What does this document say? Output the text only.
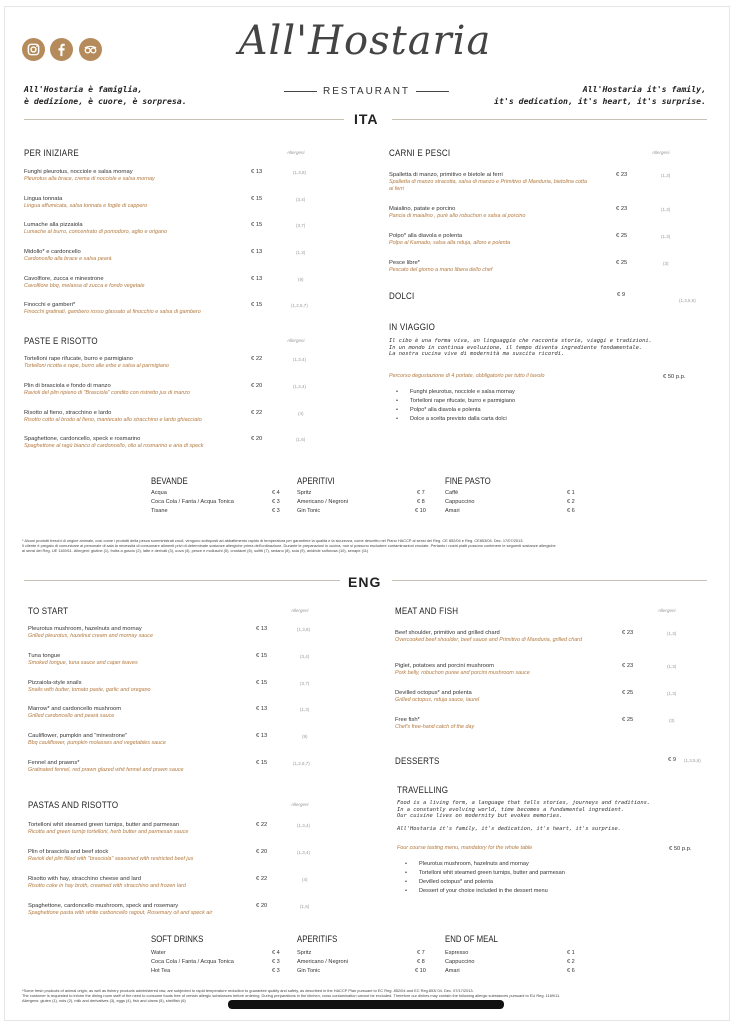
All'Hostaria
RESTAURANT
All'Hostaria è famiglia,
è dedizione, è cuore, è sorpresa.
All'Hostaria it's family,
it's dedication, it's heart, it's surprise.
ITA
PER INIZIARE	Allergeni
Funghi pleurotus, nocciole e salsa mornay
Pleurotus alla brace, crema di nocciole e salsa mornay
€ 13	(1,3,8)
Lingua tonnata
Lingua affumicata, salsa tonnata e foglie di cappero
€ 15	(3,4)
Lumache alla pizzaiola
Lumache al burro, concentrato di pomodoro, aglio e origano
€ 15	(3,7)
Midollo* e cardoncello
Cardoncello alla brace e salsa pearà
€ 13	(1,3)
Cavolfiore, zucca e minestrone
Cavolfiore bbq, melassa di zucca e fondo vegetale
€ 13	(9)
Finocchi e gamberi*
Finocchi gratinati, gambero rosso glassato al finocchio e salsa di gambero
€ 15	(1,2,6,7)
PASTE E RISOTTO	Allergeni
Tortelloni rape rifucate, burro e parmigiano
Tortelloni ricotta e rape, burro alle erbe e salsa al parmigiano
€ 22	(1,3,4)
Plin di brasciola e fondo di manzo
Ravioli del plin ripieno di "Brasciola" condito con ristretto jus di manzo
€ 20	(1,3,4)
Risotto al fieno, stracchino e lardo
Risotto cotto al brodo al fieno, mantecato allo stracchino e lardo ghiacciato
€ 22	(4)
Spaghettone, cardoncello, speck e rosmarino
Spaghettone al ragù bianco di cardoncello, olio al rosmarino e aria di speck
€ 20	(1,6)
CARNI E PESCI	Allergeni
Spalletta di manzo, primitivo e bietole ai ferri
Spalletta di manzo stracotta, salsa di manzo e Primitivo di Manduria, bietolina cotta ai ferri
€ 23	(1,3)
Maialino, patate e porcino
Pancia di maialino , purè allo robuchon e salsa al porcino
€ 23	(1,3)
Polpo* alla diavola e polenta
Polpo al Kamado, salsa alla nduja, alloro e polenta
€ 25	(1,3)
Pesce libre*
Pescato del giorno a mano libera dello chef
€ 25	(3)
DOLCI	€ 9
(1,3,5,6)
IN VIAGGIO
Il cibo è una forma viva, un linguaggio che racconta storie, viaggi e tradizioni.
In un mondo in continua evoluzione, il tempo diventa ingrediente fondamentale.
La nostra cucina vive di modernità ma suscita ricordi.
Percorso degustazione di 4 portate, obbligatorio per tutto il tavolo	€ 50 p.p.
• Funghi pleurotus, nocciole e salsa mornay
• Tortelloni rape rifucate, burro e parmigiano
• Polpo* alla diavola e polenta
• Dolce a scelta previsto dalla carta dolci
BEVANDE
Acqua	€ 4
Coca Cola / Fanta / Acqua Tonica	€ 3
Tisane	€ 3
APERITIVI
Spritz	€ 7
Americano / Negroni	€ 8
Gin Tonic	€ 10
FINE PASTO
Caffè	€ 1
Cappuccino	€ 2
Amari	€ 6
* Alcuni prodotti freschi di origine animale, così come i prodotti della pesca somministrati crudi, vengono sottoposti ad abbattimento rapido di temperatura per garantirne la qualità e la sicurezza, come descritto nel Piano HACCP ai sensi del Reg. CE 852/04 e Reg. CE853/04. Dec. 17/07/2013.
Il cliente è pregato di comunicare al personale di sala la necessità di consumare alimenti privi di determinate sostanze allergiche prima dell'ordinazione. Durante le preparazioni in cucina, non si possono escludere contaminazioni crociate. Pertanto i nostri piatti possono contenere le seguenti sostanze allergiche
ai sensi del Reg. UE 1169/11. Allergeni: glutine (1), frutta a guscio (2), latte e derivati (3), uova (4), pesce e molluschi (5), crostacei (6), solfiti (7), sedano (8), soia (9), anidride solforosa (10), senape (11)
ENG
TO START	Allergeni
Pleurotus mushroom, hazelnuts and mornay
Grilled pleurotus, hazelnut cream and mornay sauce
€ 13	(1,3,8)
Tuna tongue
Smoked tongue, tuna sauce and caper leaves
€ 15	(3,4)
Pizzaiola-style snails
Snails with butter, tomato paste, garlic and oregano
€ 15	(3,7)
Marrow* and cardoncello mushroom
Grilled cardoncello and pearà sauce
€ 13	(1,3)
Cauliflower, pumpkin and "minestrone"
Bbq cauliflower, pumpkin molasses and vegetables sauce
€ 13	(9)
Fennel and prawns*
Gratinated fennel, red prawn glazed whit fennel and prawn sauce
€ 15	(1,2,6,7)
PASTAS AND RISOTTO	Allergeni
Tortelloni whit steamed green turnips, butter and parmesan
Ricotta and green turnip tortelloni, herb butter and parmesan sauce
€ 22	(1,3,4)
Plin of brasciola and beef stock
Ravioli del plin filled with "brasciola" seasoned with restricted beef jus
€ 20	(1,3,4)
Risotto with hay, stracchino cheese and lard
Risotto coke in hay broth, creamed with stracchino and frozen lard
€ 22	(4)
Spaghettone, cardoncello mushroom, speck and rosemary
Spaghettone pasta with white carboncello ragout, Rosemary oil and speck air
€ 20	(1,6)
MEAT AND FISH	Allergeni
Beef shoulder, primitivo and grilled chard
Overcooked beef shoulder, beef sauce and Primitivo di Manduria, grilled chard
€ 23	(1,3)
Piglet, potatoes and porcini mushroom
Pork belly, robuchon puree and porcini mushroom sauce
€ 23	(1,3)
Devilled octopus* and polenta
Grilled octopus, nduja sauce, laurel
€ 25	(1,3)
Free fish*
Chef's free-hand catch of the day
€ 25	(3)
DESSERTS	€ 9 (1,3,5,6)
TRAVELLING
Food is a living form, a language that tells stories, journeys and traditions.
In a constantly evolving world, time becomes a fundamental ingredient.
Our cuisine lives on modernity but evokes memories.
All'Hostaria it's family, it's dedication, it's heart, it's surprise.
Four course tasting menu, mandatory for the whole table	€ 50 p.p.
• Pleurotus mushroom, hazelnuts and mornay
• Tortelloni whit steamed green turnips, butter and parmesan
• Devilled octopus* and polenta
• Dessert of your choice included in the dessert menu
SOFT DRINKS
Water	€ 4
Coca Cola / Fanta / Acqua Tonica	€ 3
Hot Tea	€ 3
APERITIFS
Spritz	€ 7
Americano / Negroni	€ 8
Gin Tonic	€ 10
END OF MEAL
Espresso	€ 1
Cappuccino	€ 2
Amari	€ 6
*Some fresh products of animal origin, as well as fishery products administered raw, are subjected to rapid temperature reduction to guarantee quality and safety, as described in the HACCP Plan pursuant to EC Reg. 852/04 and EC Reg.853/ 04. Dec. 07/17/2013.
The customer is requested to inform the dining room staff of the need to consume foods free of certain allergic substances before ordering. During preparations in the kitchen, cross contamination cannot be excluded. Therefore our dishes may contain the following allergic substances pursuant to EU Reg. 1169/11.
Allergens: gluten (1), nuts (2), milk and derivatives (3), eggs (4), fish and clams (5), shellfish (6)
